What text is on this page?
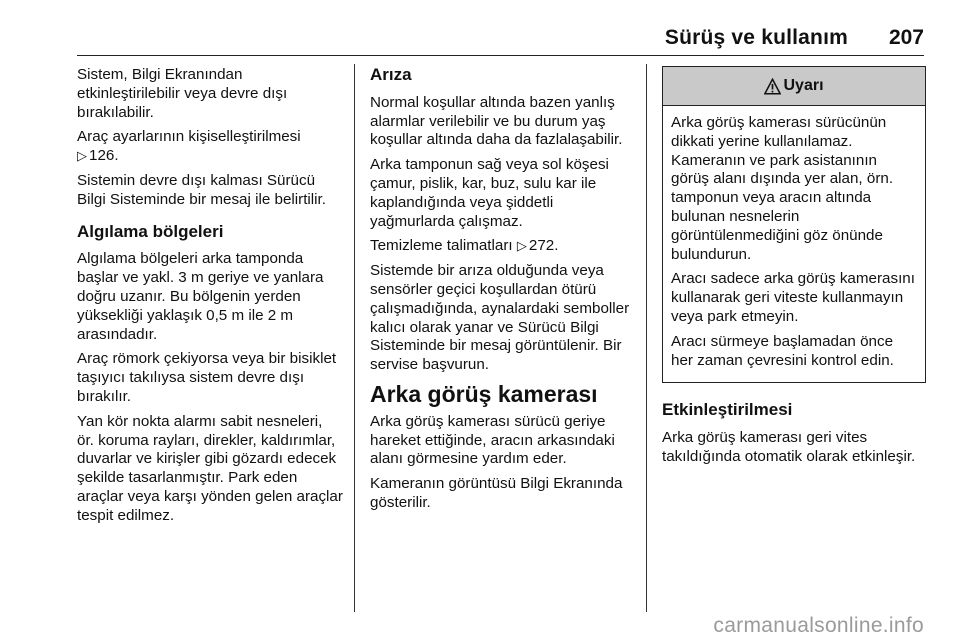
Sürüş ve kullanım 207

Sistem, Bilgi Ekranından etkinleştirilebilir veya devre dışı bırakılabilir.

Araç ayarlarının kişiselleştirilmesi
▷ 126.

Sistemin devre dışı kalması Sürücü Bilgi Sisteminde bir mesaj ile belirtilir.

Algılama bölgeleri

Algılama bölgeleri arka tamponda başlar ve yakl. 3 m geriye ve yanlara doğru uzanır. Bu bölgenin yerden yüksekliği yaklaşık 0,5 m ile 2 m arasındadır.

Araç römork çekiyorsa veya bir bisiklet taşıyıcı takılıysa sistem devre dışı bırakılır.

Yan kör nokta alarmı sabit nesneleri, ör. koruma rayları, direkler, kaldırımlar, duvarlar ve kirişler gibi gözardı edecek şekilde tasarlanmıştır. Park eden araçlar veya karşı yönden gelen araçlar tespit edilmez.

Arıza

Normal koşullar altında bazen yanlış alarmlar verilebilir ve bu durum yaş koşullar altında daha da fazlalaşabilir.

Arka tamponun sağ veya sol köşesi çamur, pislik, kar, buz, sulu kar ile kaplandığında veya şiddetli yağmurlarda çalışmaz.

Temizleme talimatları ▷ 272.

Sistemde bir arıza olduğunda veya sensörler geçici koşullardan ötürü çalışmadığında, aynalardaki semboller kalıcı olarak yanar ve Sürücü Bilgi Sisteminde bir mesaj görüntülenir. Bir servise başvurun.

Arka görüş kamerası

Arka görüş kamerası sürücü geriye hareket ettiğinde, aracın arkasındaki alanı görmesine yardım eder.

Kameranın görüntüsü Bilgi Ekranında gösterilir.

Uyarı

Arka görüş kamerası sürücünün dikkati yerine kullanılamaz. Kameranın ve park asistanının görüş alanı dışında yer alan, örn. tamponun veya aracın altında bulunan nesnelerin görüntülenmediğini göz önünde bulundurun.

Aracı sadece arka görüş kamerasını kullanarak geri viteste kullanmayın veya park etmeyin.

Aracı sürmeye başlamadan önce her zaman çevresini kontrol edin.

Etkinleştirilmesi

Arka görüş kamerası geri vites takıldığında otomatik olarak etkinleşir.

carmanualsonline.info
